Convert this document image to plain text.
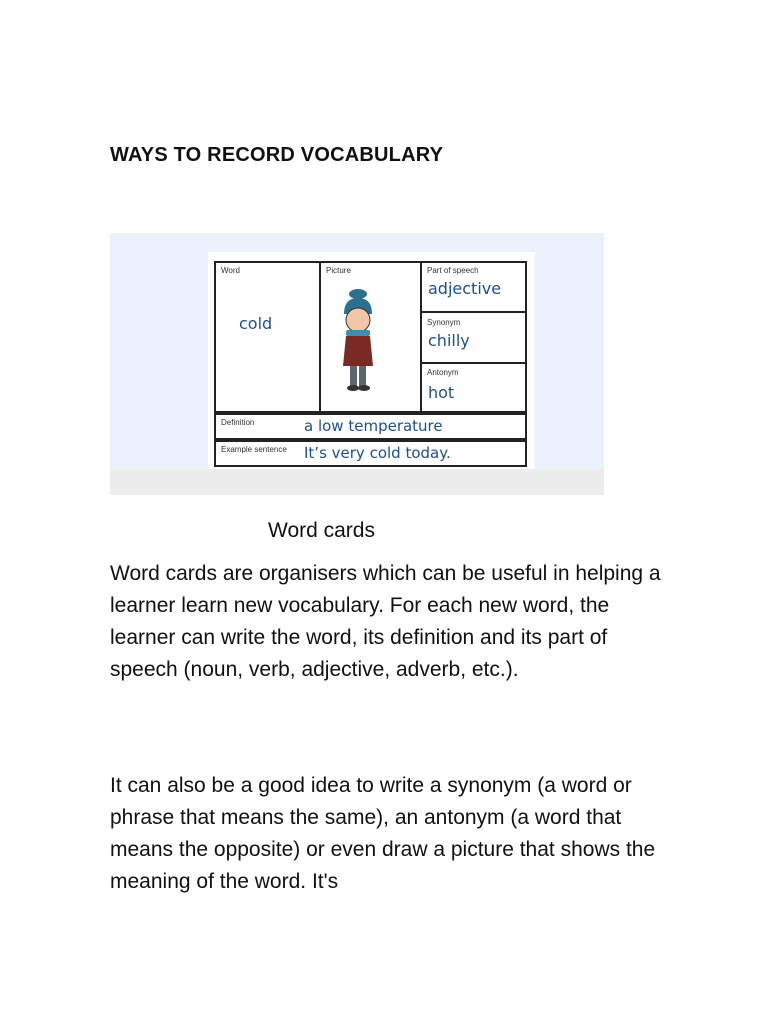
WAYS TO RECORD VOCABULARY
Word	Picture	Part of speech
Synonym
Antonym
Definition
Example sentence
cold
adjective
chilly
hot
a low temperature
It’s very cold today.
Word cards

Word cards are organisers which can be useful in helping a learner learn new vocabulary. For each new word, the learner can write the word, its definition and its part of speech (noun, verb, adjective, adverb, etc.).

It can also be a good idea to write a synonym (a word or phrase that means the same), an antonym (a word that means the opposite) or even draw a picture that shows the meaning of the word. It's
